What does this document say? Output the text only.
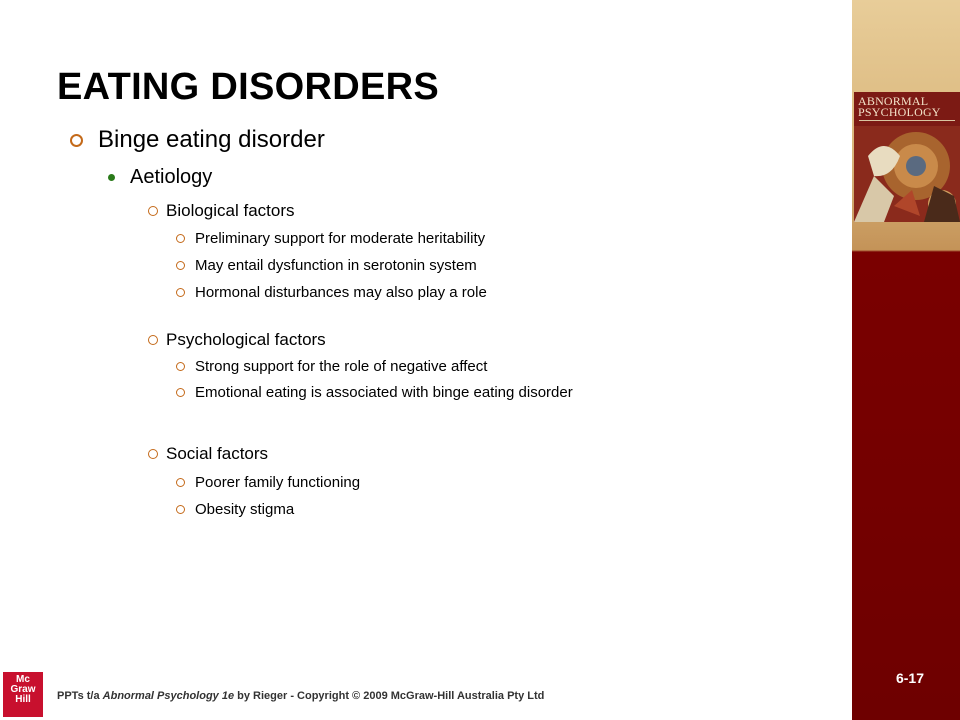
ABNORMAL
PSYCHOLOGY
EATING DISORDERS
Binge eating disorder
Aetiology
Biological factors
Preliminary support for moderate heritability
May entail dysfunction in serotonin system
Hormonal disturbances may also play a role
Psychological factors
Strong support for the role of negative affect
Emotional eating is associated with binge eating disorder
Social factors
Poorer family functioning
Obesity stigma
Mc
Graw
Hill	PPTs t/a Abnormal Psychology 1e by Rieger - Copyright © 2009 McGraw-Hill Australia Pty Ltd
6-17
